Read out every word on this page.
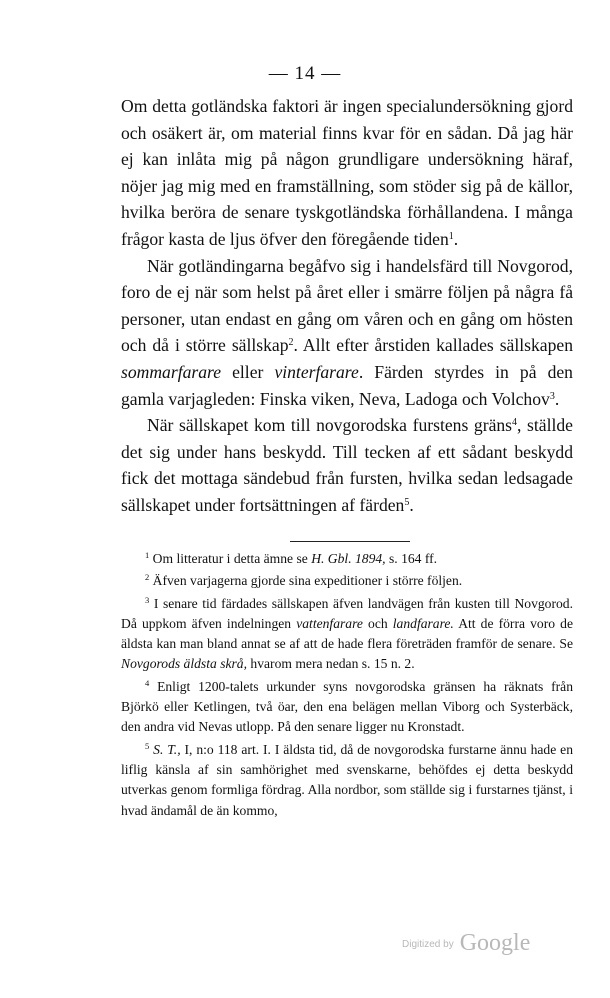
— 14 —

Om detta gotländska faktori är ingen specialundersökning gjord och osäkert är, om material finns kvar för en sådan. Då jag här ej kan inlåta mig på någon grundligare undersökning häraf, nöjer jag mig med en framställning, som stöder sig på de källor, hvilka beröra de senare tyskgotländska förhållandena. I många frågor kasta de ljus öfver den föregående tiden$^1$.

När gotländingarna begåfvo sig i handelsfärd till Novgorod, foro de ej när som helst på året eller i smärre följen på några få personer, utan endast en gång om våren och en gång om hösten och då i större sällskap$^2$. Allt efter årstiden kallades sällskapen sommarfarare eller vinterfarare. Färden styrdes in på den gamla varjagleden: Finska viken, Neva, Ladoga och Volchov$^3$.

När sällskapet kom till novgorodska furstens gräns$^4$, ställde det sig under hans beskydd. Till tecken af ett sådant beskydd fick det mottaga sändebud från fursten, hvilka sedan ledsagade sällskapet under fortsättningen af färden$^5$.

$^1$ Om litteratur i detta ämne se H. Gbl. 1894, s. 164 ff.

$^2$ Äfven varjagerna gjorde sina expeditioner i större följen.

$^3$ I senare tid färdades sällskapen äfven landvägen från kusten till Novgorod. Då uppkom äfven indelningen vattenfarare och landfarare. Att de förra voro de äldsta kan man bland annat se af att de hade flera företräden framför de senare. Se Novgorods äldsta skrå, hvarom mera nedan s. 15 n. 2.

$^4$ Enligt 1200-talets urkunder syns novgorodska gränsen ha räknats från Björkö eller Ketlingen, två öar, den ena belägen mellan Viborg och Systerbäck, den andra vid Nevas utlopp. På den senare ligger nu Kronstadt.

$^5$ S. T., I, n:o 118 art. I. I äldsta tid, då de novgorodska furstarne ännu hade en liflig känsla af sin samhörighet med svenskarne, behöfdes ej detta beskydd utverkas genom formliga fördrag. Alla nordbor, som ställde sig i furstarnes tjänst, i hvad ändamål de än kommo,

Digitized by Google
